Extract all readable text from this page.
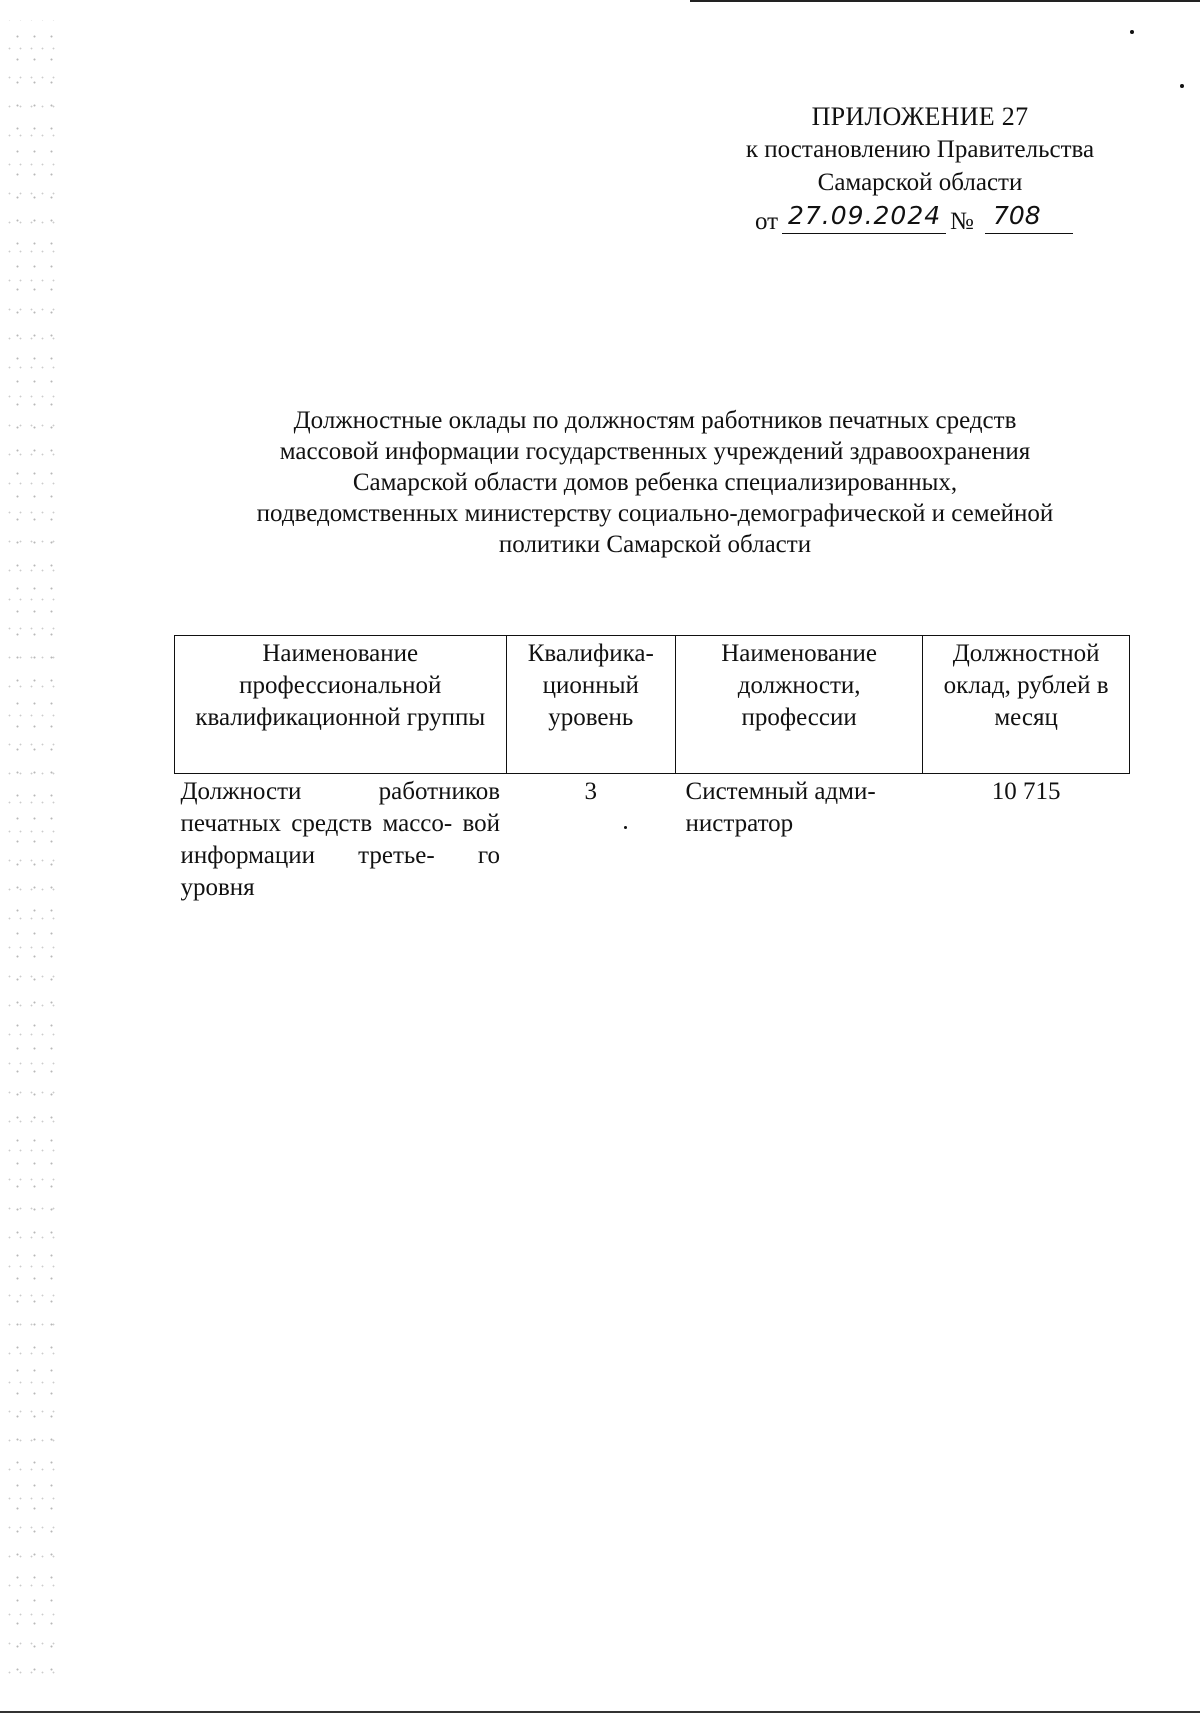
ПРИЛОЖЕНИЕ 27
к постановлению Правительства
Самарской области
от 27.09.2024 № 708
Должностные оклады по должностям работников печатных средств
массовой информации государственных учреждений здравоохранения
Самарской области домов ребенка специализированных,
подведомственных министерству социально-демографической и семейной
политики Самарской области
Наименование профессиональной квалификационной группы	Квалифика- ционный уровень	Наименование должности, профессии	Должностной оклад, рублей в месяц
Должности работников печатных средств массо- вой информации третье- го уровня	3	Системный адми- нистратор	10 715
